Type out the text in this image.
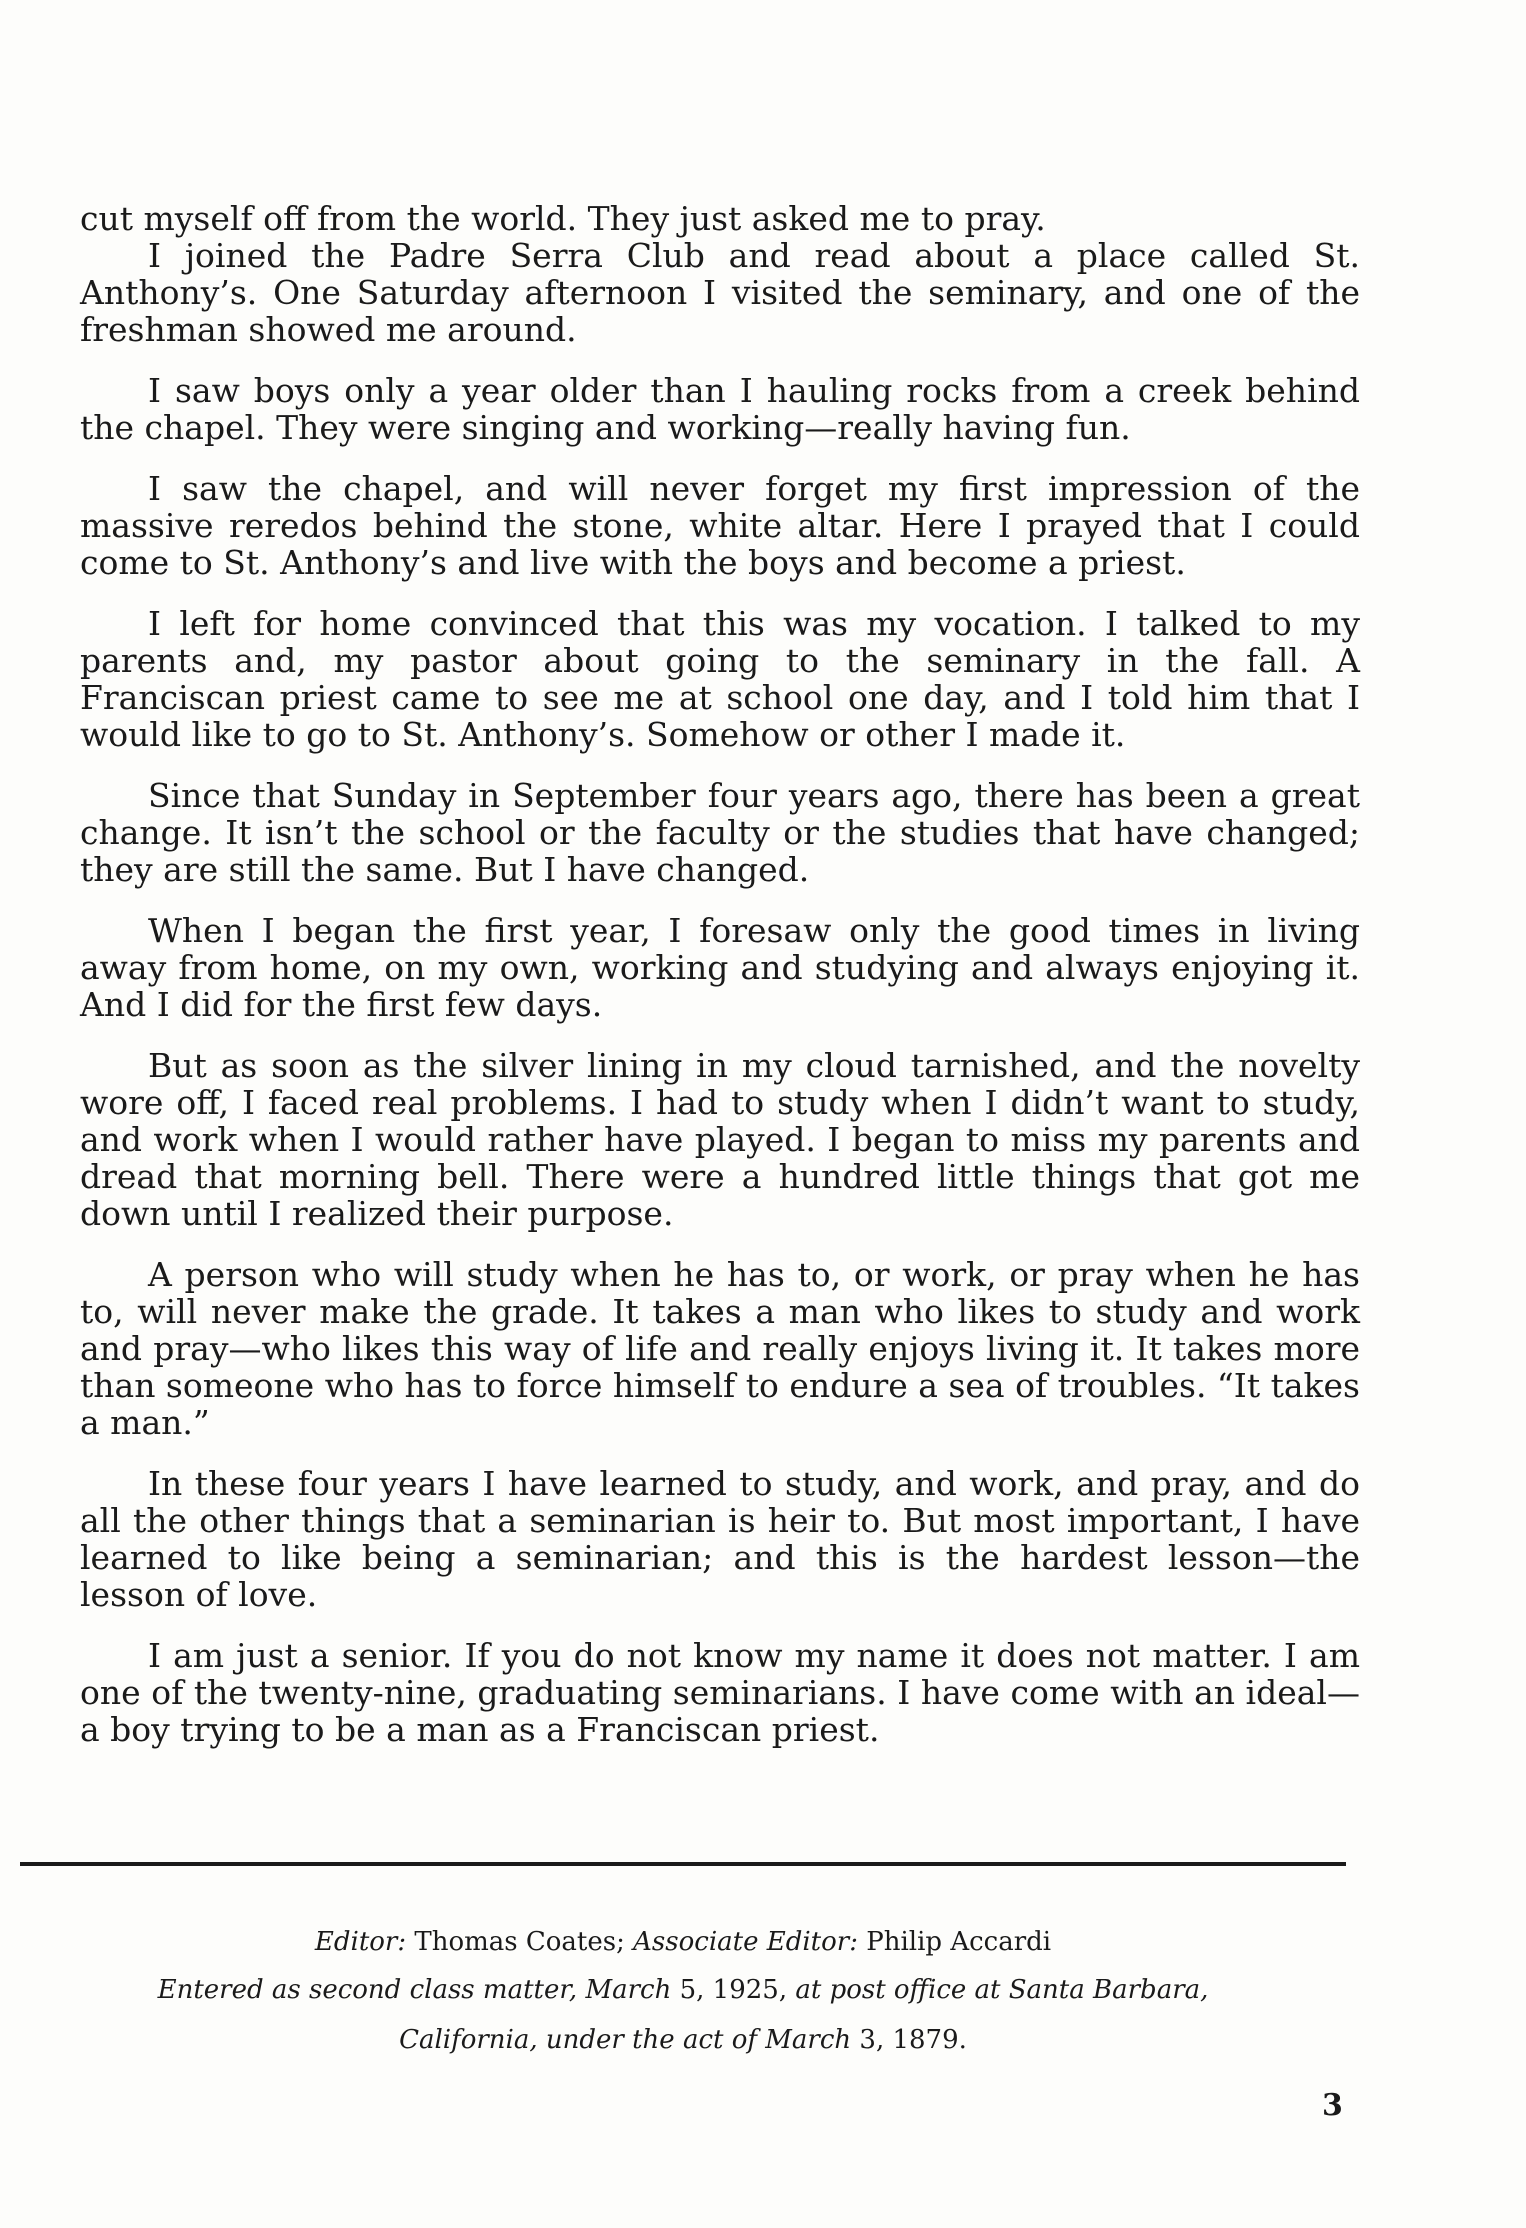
cut myself off from the world. They just asked me to pray.

I joined the Padre Serra Club and read about a place called St. Anthony’s. One Saturday afternoon I visited the seminary, and one of the freshman showed me around.

I saw boys only a year older than I hauling rocks from a creek behind the chapel. They were singing and working—really having fun.

I saw the chapel, and will never forget my first impression of the massive reredos behind the stone, white altar. Here I prayed that I could come to St. Anthony’s and live with the boys and become a priest.

I left for home convinced that this was my vocation. I talked to my parents and, my pastor about going to the seminary in the fall. A Franciscan priest came to see me at school one day, and I told him that I would like to go to St. Anthony’s. Somehow or other I made it.

Since that Sunday in September four years ago, there has been a great change. It isn’t the school or the faculty or the studies that have changed; they are still the same. But I have changed.

When I began the first year, I foresaw only the good times in living away from home, on my own, working and studying and always enjoying it. And I did for the first few days.

But as soon as the silver lining in my cloud tarnished, and the novelty wore off, I faced real problems. I had to study when I didn’t want to study, and work when I would rather have played. I began to miss my parents and dread that morning bell. There were a hundred little things that got me down until I realized their purpose.

A person who will study when he has to, or work, or pray when he has to, will never make the grade. It takes a man who likes to study and work and pray—who likes this way of life and really enjoys living it. It takes more than someone who has to force himself to endure a sea of troubles. “It takes a man.”

In these four years I have learned to study, and work, and pray, and do all the other things that a seminarian is heir to. But most important, I have learned to like being a seminarian; and this is the hardest lesson—the lesson of love.

I am just a senior. If you do not know my name it does not matter. I am one of the twenty-nine, graduating seminarians. I have come with an ideal—a boy trying to be a man as a Franciscan priest.

Editor: Thomas Coates; Associate Editor: Philip Accardi
Entered as second class matter, March 5, 1925, at post office at Santa Barbara,
California, under the act of March 3, 1879.
3
